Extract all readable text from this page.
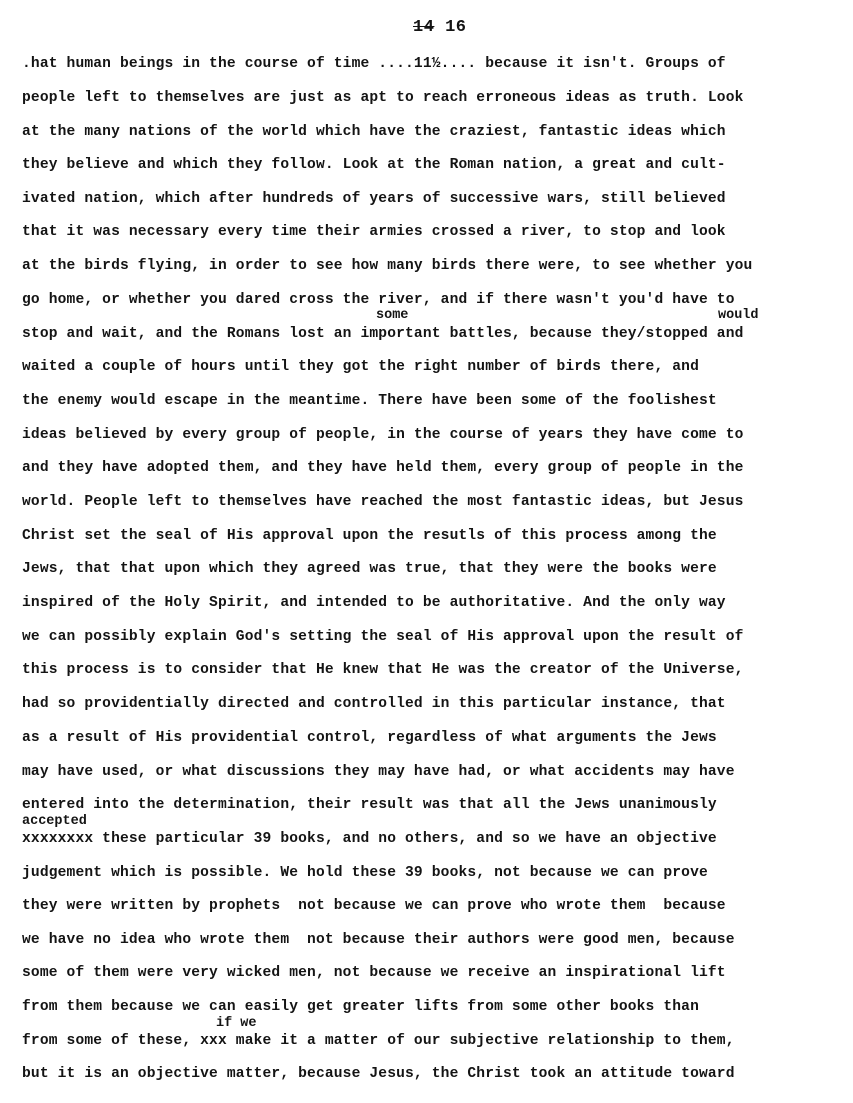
14 16
.hat human beings in the course of time ....11½.... because it isn't. Groups of
people left to themselves are just as apt to reach erroneous ideas as truth. Look
at the many nations of the world which have the craziest, fantastic ideas which
they believe and which they follow. Look at the Roman nation, a great and cult-
ivated nation, which after hundreds of years of successive wars, still believed
that it was necessary every time their armies crossed a river, to stop and look
at the birds flying, in order to see how many birds there were, to see whether you
go home, or whether you dared cross the river, and if there wasn't you'd have to
some	would
stop and wait, and the Romans lost an important battles, because they/stopped and
waited a couple of hours until they got the right number of birds there, and
the enemy would escape in the meantime. There have been some of the foolishest
ideas believed by every group of people, in the course of years they have come to
and they have adopted them, and they have held them, every group of people in the
world. People left to themselves have reached the most fantastic ideas, but Jesus
Christ set the seal of His approval upon the resutls of this process among the
Jews, that that upon which they agreed was true, that they were the books were
inspired of the Holy Spirit, and intended to be authoritative. And the only way
we can possibly explain God's setting the seal of His approval upon the result of
this process is to consider that He knew that He was the creator of the Universe,
had so providentially directed and controlled in this particular instance, that
as a result of His providential control, regardless of what arguments the Jews
may have used, or what discussions they may have had, or what accidents may have
entered into the determination, their result was that all the Jews unanimously
accepted
xxxxxxxx these particular 39 books, and no others, and so we have an objective
judgement which is possible. We hold these 39 books, not because we can prove
they were written by prophets  not because we can prove who wrote them  because
we have no idea who wrote them  not because their authors were good men, because
some of them were very wicked men, not because we receive an inspirational lift
from them because we can easily get greater lifts from some other books than
if we
from some of these, xxx make it a matter of our subjective relationship to them,
but it is an objective matter, because Jesus, the Christ took an attitude toward
